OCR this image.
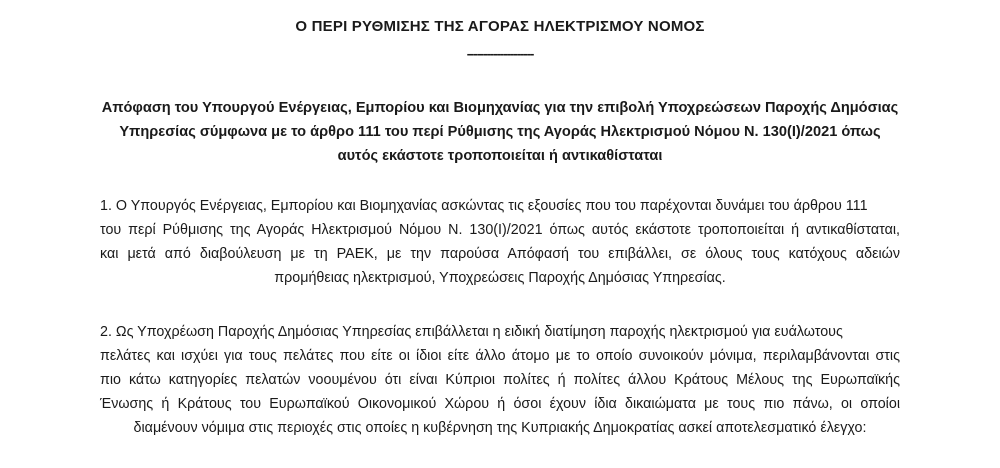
Ο ΠΕΡΙ ΡΥΘΜΙΣΗΣ ΤΗΣ ΑΓΟΡΑΣ ΗΛΕΚΤΡΙΣΜΟΥ ΝΟΜΟΣ
--------------------
Απόφαση του Υπουργού Ενέργειας, Εμπορίου και Βιομηχανίας για την επιβολή Υποχρεώσεων Παροχής Δημόσιας
Υπηρεσίας σύμφωνα με το άρθρο 111 του περί Ρύθμισης της Αγοράς Ηλεκτρισμού Νόμου Ν. 130(Ι)/2021 όπως
αυτός εκάστοτε τροποποιείται ή αντικαθίσταται
1. Ο Υπουργός Ενέργειας, Εμπορίου και Βιομηχανίας ασκώντας τις εξουσίες που του παρέχονται δυνάμει του άρθρου 111
του περί Ρύθμισης της Αγοράς Ηλεκτρισμού Νόμου Ν. 130(Ι)/2021 όπως αυτός εκάστοτε τροποποιείται ή αντικαθίσταται,
και μετά από διαβούλευση με τη ΡΑΕΚ, με την παρούσα Απόφασή του επιβάλλει, σε όλους τους κατόχους αδειών
προμήθειας ηλεκτρισμού, Υποχρεώσεις Παροχής Δημόσιας Υπηρεσίας.
2. Ως Υποχρέωση Παροχής Δημόσιας Υπηρεσίας επιβάλλεται η ειδική διατίμηση παροχής ηλεκτρισμού για ευάλωτους
πελάτες και ισχύει για τους πελάτες που είτε οι ίδιοι είτε άλλο άτομο με το οποίο συνοικούν μόνιμα, περιλαμβάνονται στις
πιο κάτω κατηγορίες πελατών νοουμένου ότι είναι Κύπριοι πολίτες ή πολίτες άλλου Κράτους Μέλους της Ευρωπαϊκής
Ένωσης ή Κράτους του Ευρωπαϊκού Οικονομικού Χώρου ή όσοι έχουν ίδια δικαιώματα με τους πιο πάνω, οι οποίοι
διαμένουν νόμιμα στις περιοχές στις οποίες η κυβέρνηση της Κυπριακής Δημοκρατίας ασκεί αποτελεσματικό έλεγχο:
